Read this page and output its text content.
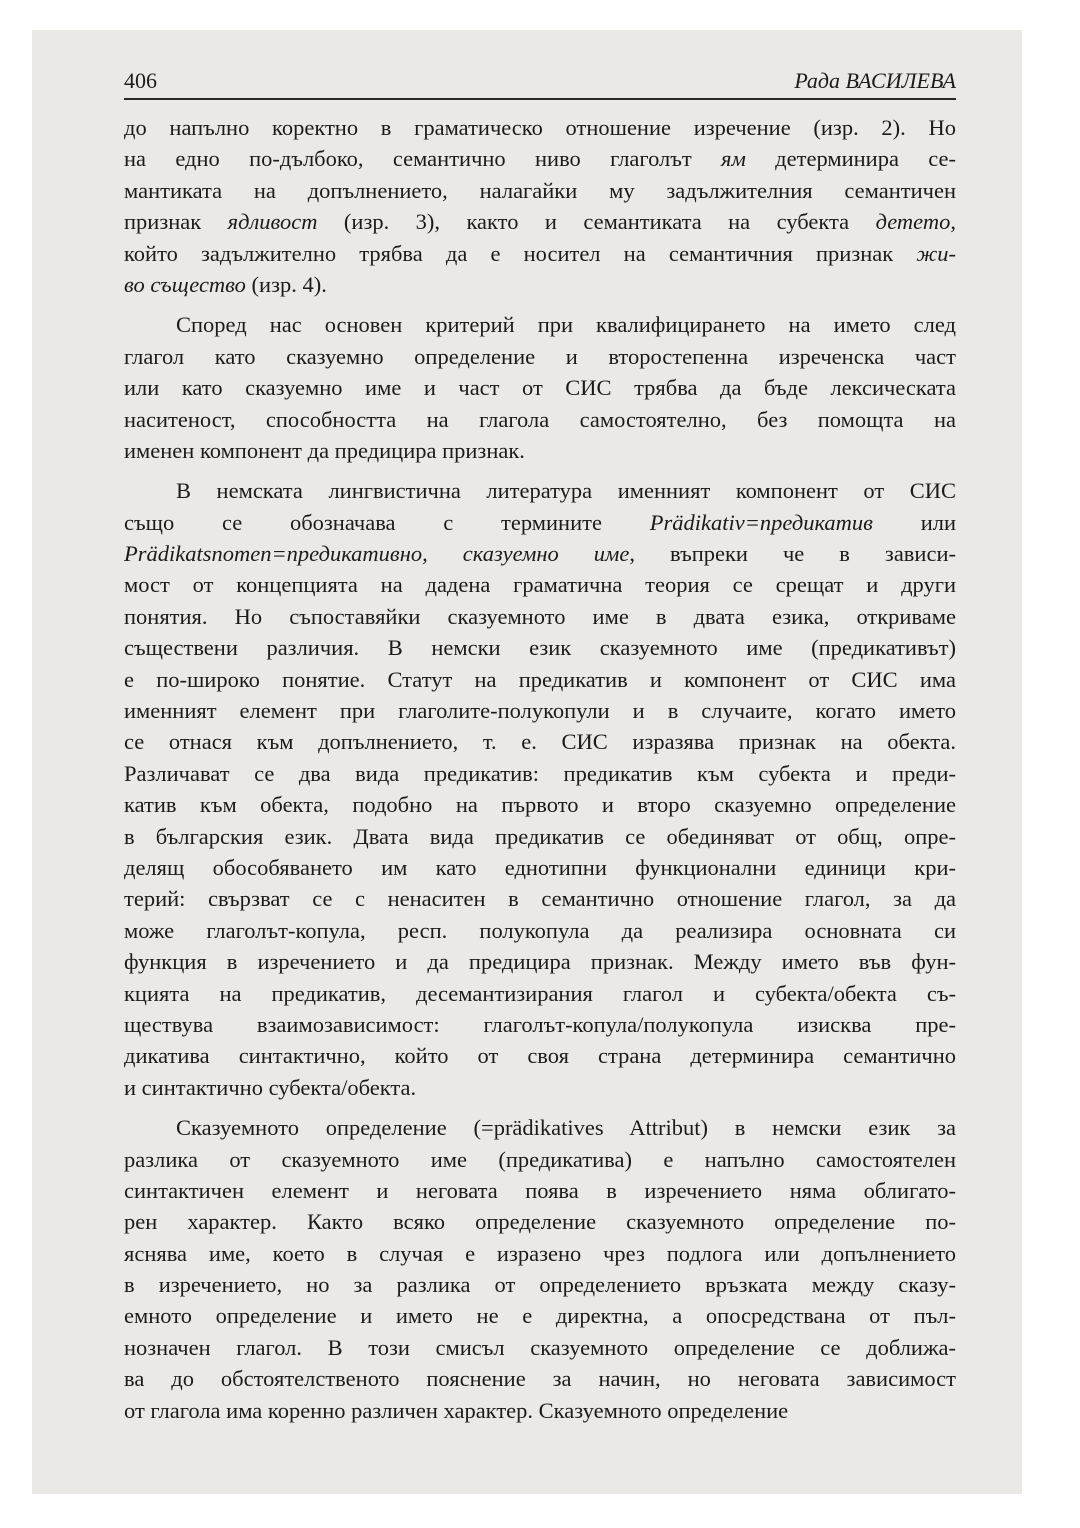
406	Рада ВАСИЛЕВА
до напълно коректно в граматическо отношение изречение (изр. 2). Но
на едно по-дълбоко, семантично ниво глаголът ям детерминира се-
мантиката на допълнението, налагайки му задължителния семантичен
признак ядливост (изр. 3), както и семантиката на субекта детето,
който задължително трябва да е носител на семантичния признак жи-
во същество (изр. 4).
Според нас основен критерий при квалифицирането на името след
глагол като сказуемно определение и второстепенна изреченска част
или като сказуемно име и част от СИС трябва да бъде лексическата
наситеност, способността на глагола самостоятелно, без помощта на
именен компонент да предицира признак.
В немската лингвистична литература именният компонент от СИС
също се обозначава с термините Prädikativ=предикатив или
Prädikatsnomen=предикативно, сказуемно име, въпреки че в зависи-
мост от концепцията на дадена граматична теория се срещат и други
понятия. Но съпоставяйки сказуемното име в двата езика, откриваме
съществени различия. В немски език сказуемното име (предикативът)
е по-широко понятие. Статут на предикатив и компонент от СИС има
именният елемент при глаголите-полукопули и в случаите, когато името
се отнася към допълнението, т. е. СИС изразява признак на обекта.
Различават се два вида предикатив: предикатив към субекта и преди-
катив към обекта, подобно на първото и второ сказуемно определение
в българския език. Двата вида предикатив се обединяват от общ, опре-
делящ обособяването им като еднотипни функционални единици кри-
терий: свързват се с ненаситен в семантично отношение глагол, за да
може глаголът-копула, респ. полукопула да реализира основната си
функция в изречението и да предицира признак. Между името във фун-
кцията на предикатив, десемантизирания глагол и субекта/обекта съ-
ществува взаимозависимост: глаголът-копула/полукопула изисква пре-
дикатива синтактично, който от своя страна детерминира семантично
и синтактично субекта/обекта.
Сказуемното определение (=prädikatives Attribut) в немски език за
разлика от сказуемното име (предикатива) е напълно самостоятелен
синтактичен елемент и неговата поява в изречението няма облигато-
рен характер. Както всяко определение сказуемното определение по-
яснява име, което в случая е изразено чрез подлога или допълнението
в изречението, но за разлика от определението връзката между сказу-
емното определение и името не е директна, а опосредствана от пъл-
нозначен глагол. В този смисъл сказуемното определение се доближа-
ва до обстоятелственото пояснение за начин, но неговата зависимост
от глагола има коренно различен характер. Сказуемното определение
